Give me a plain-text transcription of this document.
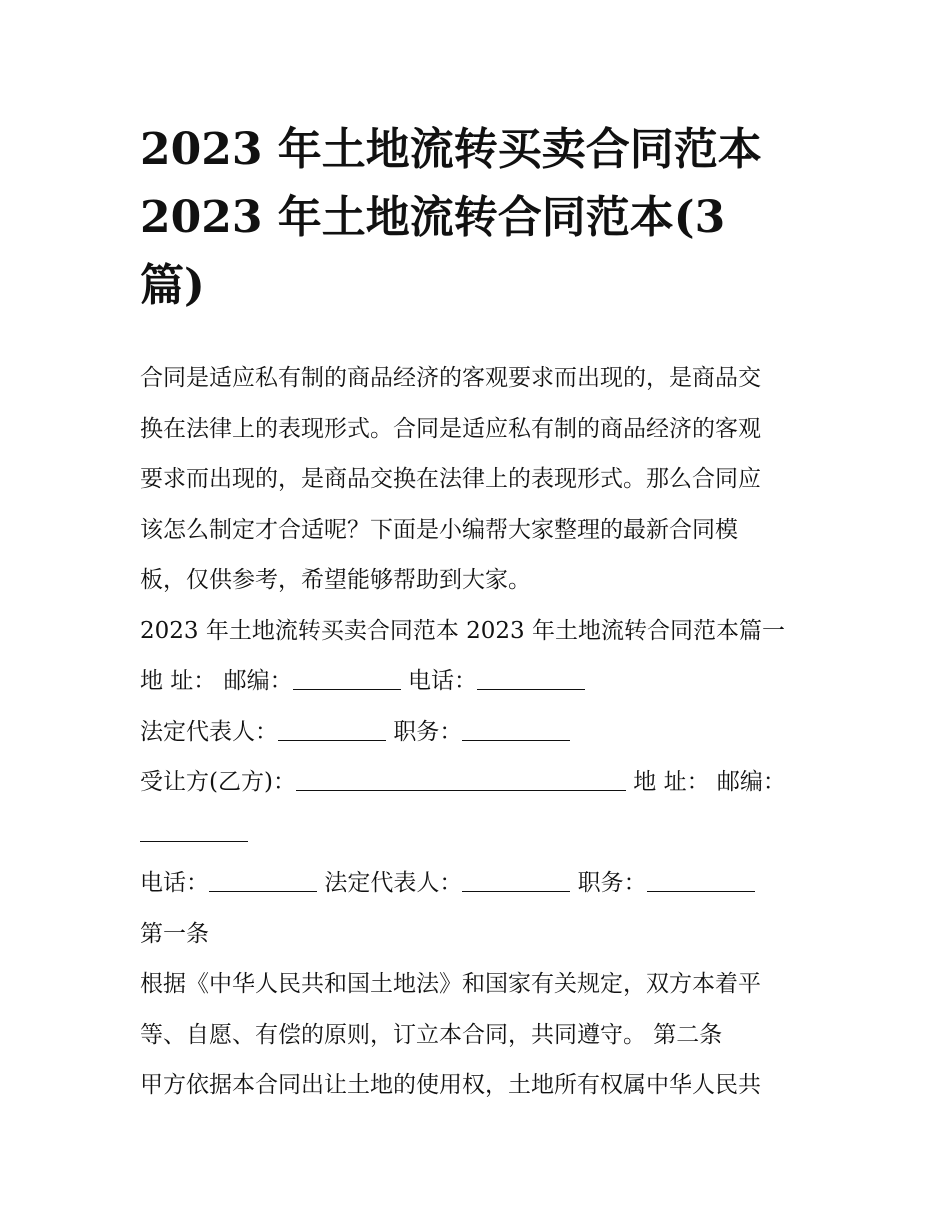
2023 年土地流转买卖合同范本
2023 年土地流转合同范本(3
篇)
合同是适应私有制的商品经济的客观要求而出现的，是商品交
换在法律上的表现形式。合同是适应私有制的商品经济的客观
要求而出现的，是商品交换在法律上的表现形式。那么合同应
该怎么制定才合适呢？下面是小编帮大家整理的最新合同模
板，仅供参考，希望能够帮助到大家。
2023 年土地流转买卖合同范本 2023 年土地流转合同范本篇一
地 址： 邮编：	电话：
法定代表人：	职务：
受让方(乙方)：	地 址： 邮编：
电话：	法定代表人：	职务：
第一条
根据《中华人民共和国土地法》和国家有关规定，双方本着平
等、自愿、有偿的原则，订立本合同，共同遵守。 第二条
甲方依据本合同出让土地的使用权，土地所有权属中华人民共
